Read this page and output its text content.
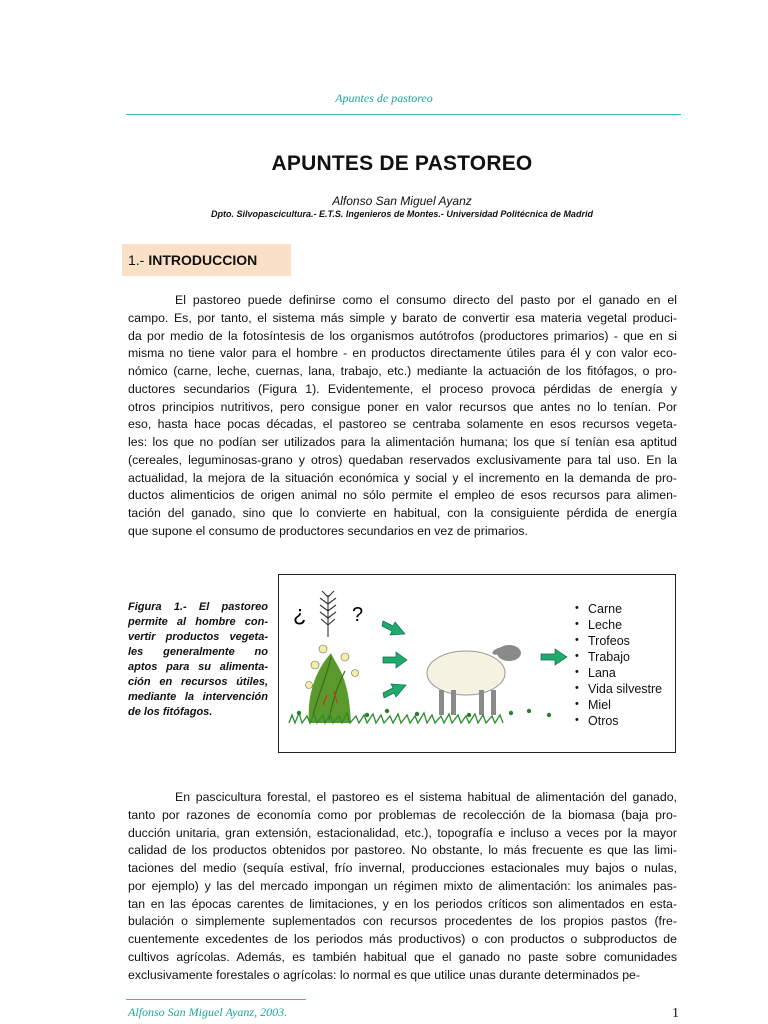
Apuntes de pastoreo
APUNTES DE PASTOREO
Alfonso San Miguel Ayanz
Dpto. Silvopascicultura.- E.T.S. Ingenieros de Montes.- Universidad Politécnica de Madrid
1.- INTRODUCCION
El pastoreo puede definirse como el consumo directo del pasto por el ganado en el
campo. Es, por tanto, el sistema más simple y barato de convertir esa materia vegetal produci-
da por medio de la fotosíntesis de los organismos autótrofos (productores primarios) - que en si
misma no tiene valor para el hombre - en productos directamente útiles para él y con valor eco-
nómico (carne, leche, cuernas, lana, trabajo, etc.) mediante la actuación de los fitófagos, o pro-
ductores secundarios (Figura 1). Evidentemente, el proceso provoca pérdidas de energía y
otros principios nutritivos, pero consigue poner en valor recursos que antes no lo tenían. Por
eso, hasta hace pocas décadas, el pastoreo se centraba solamente en esos recursos vegeta-
les: los que no podían ser utilizados para la alimentación humana; los que sí tenían esa aptitud
(cereales, leguminosas-grano y otros) quedaban reservados exclusivamente para tal uso. En la
actualidad, la mejora de la situación económica y social y el incremento en la demanda de pro-
ductos alimenticios de origen animal no sólo permite el empleo de esos recursos para alimen-
tación del ganado, sino que lo convierte en habitual, con la consiguiente pérdida de energía
que supone el consumo de productores secundarios en vez de primarios.
Figura 1.- El pastoreo
permite al hombre con-
vertir productos vegeta-
les generalmente no
aptos para su alimenta-
ción en recursos útiles,
mediante la intervención
de los fitófagos.
¿ ?
•	Carne
• Leche
• Trofeos
• Trabajo
• Lana
• Vida silvestre
• Miel
• Otros
En pascicultura forestal, el pastoreo es el sistema habitual de alimentación del ganado,
tanto por razones de economía como por problemas de recolección de la biomasa (baja pro-
ducción unitaria, gran extensión, estacionalidad, etc.), topografía e incluso a veces por la mayor
calidad de los productos obtenidos por pastoreo. No obstante, lo más frecuente es que las limi-
taciones del medio (sequía estival, frío invernal, producciones estacionales muy bajos o nulas,
por ejemplo) y las del mercado impongan un régimen mixto de alimentación: los animales pas-
tan en las épocas carentes de limitaciones, y en los periodos críticos son alimentados en esta-
bulación o simplemente suplementados con recursos procedentes de los propios pastos (fre-
cuentemente excedentes de los periodos más productivos) o con productos o subproductos de
cultivos agrícolas. Además, es también habitual que el ganado no paste sobre comunidades
exclusivamente forestales o agrícolas: lo normal es que utilice unas durante determinados pe-
Alfonso San Miguel Ayanz, 2003.	1
